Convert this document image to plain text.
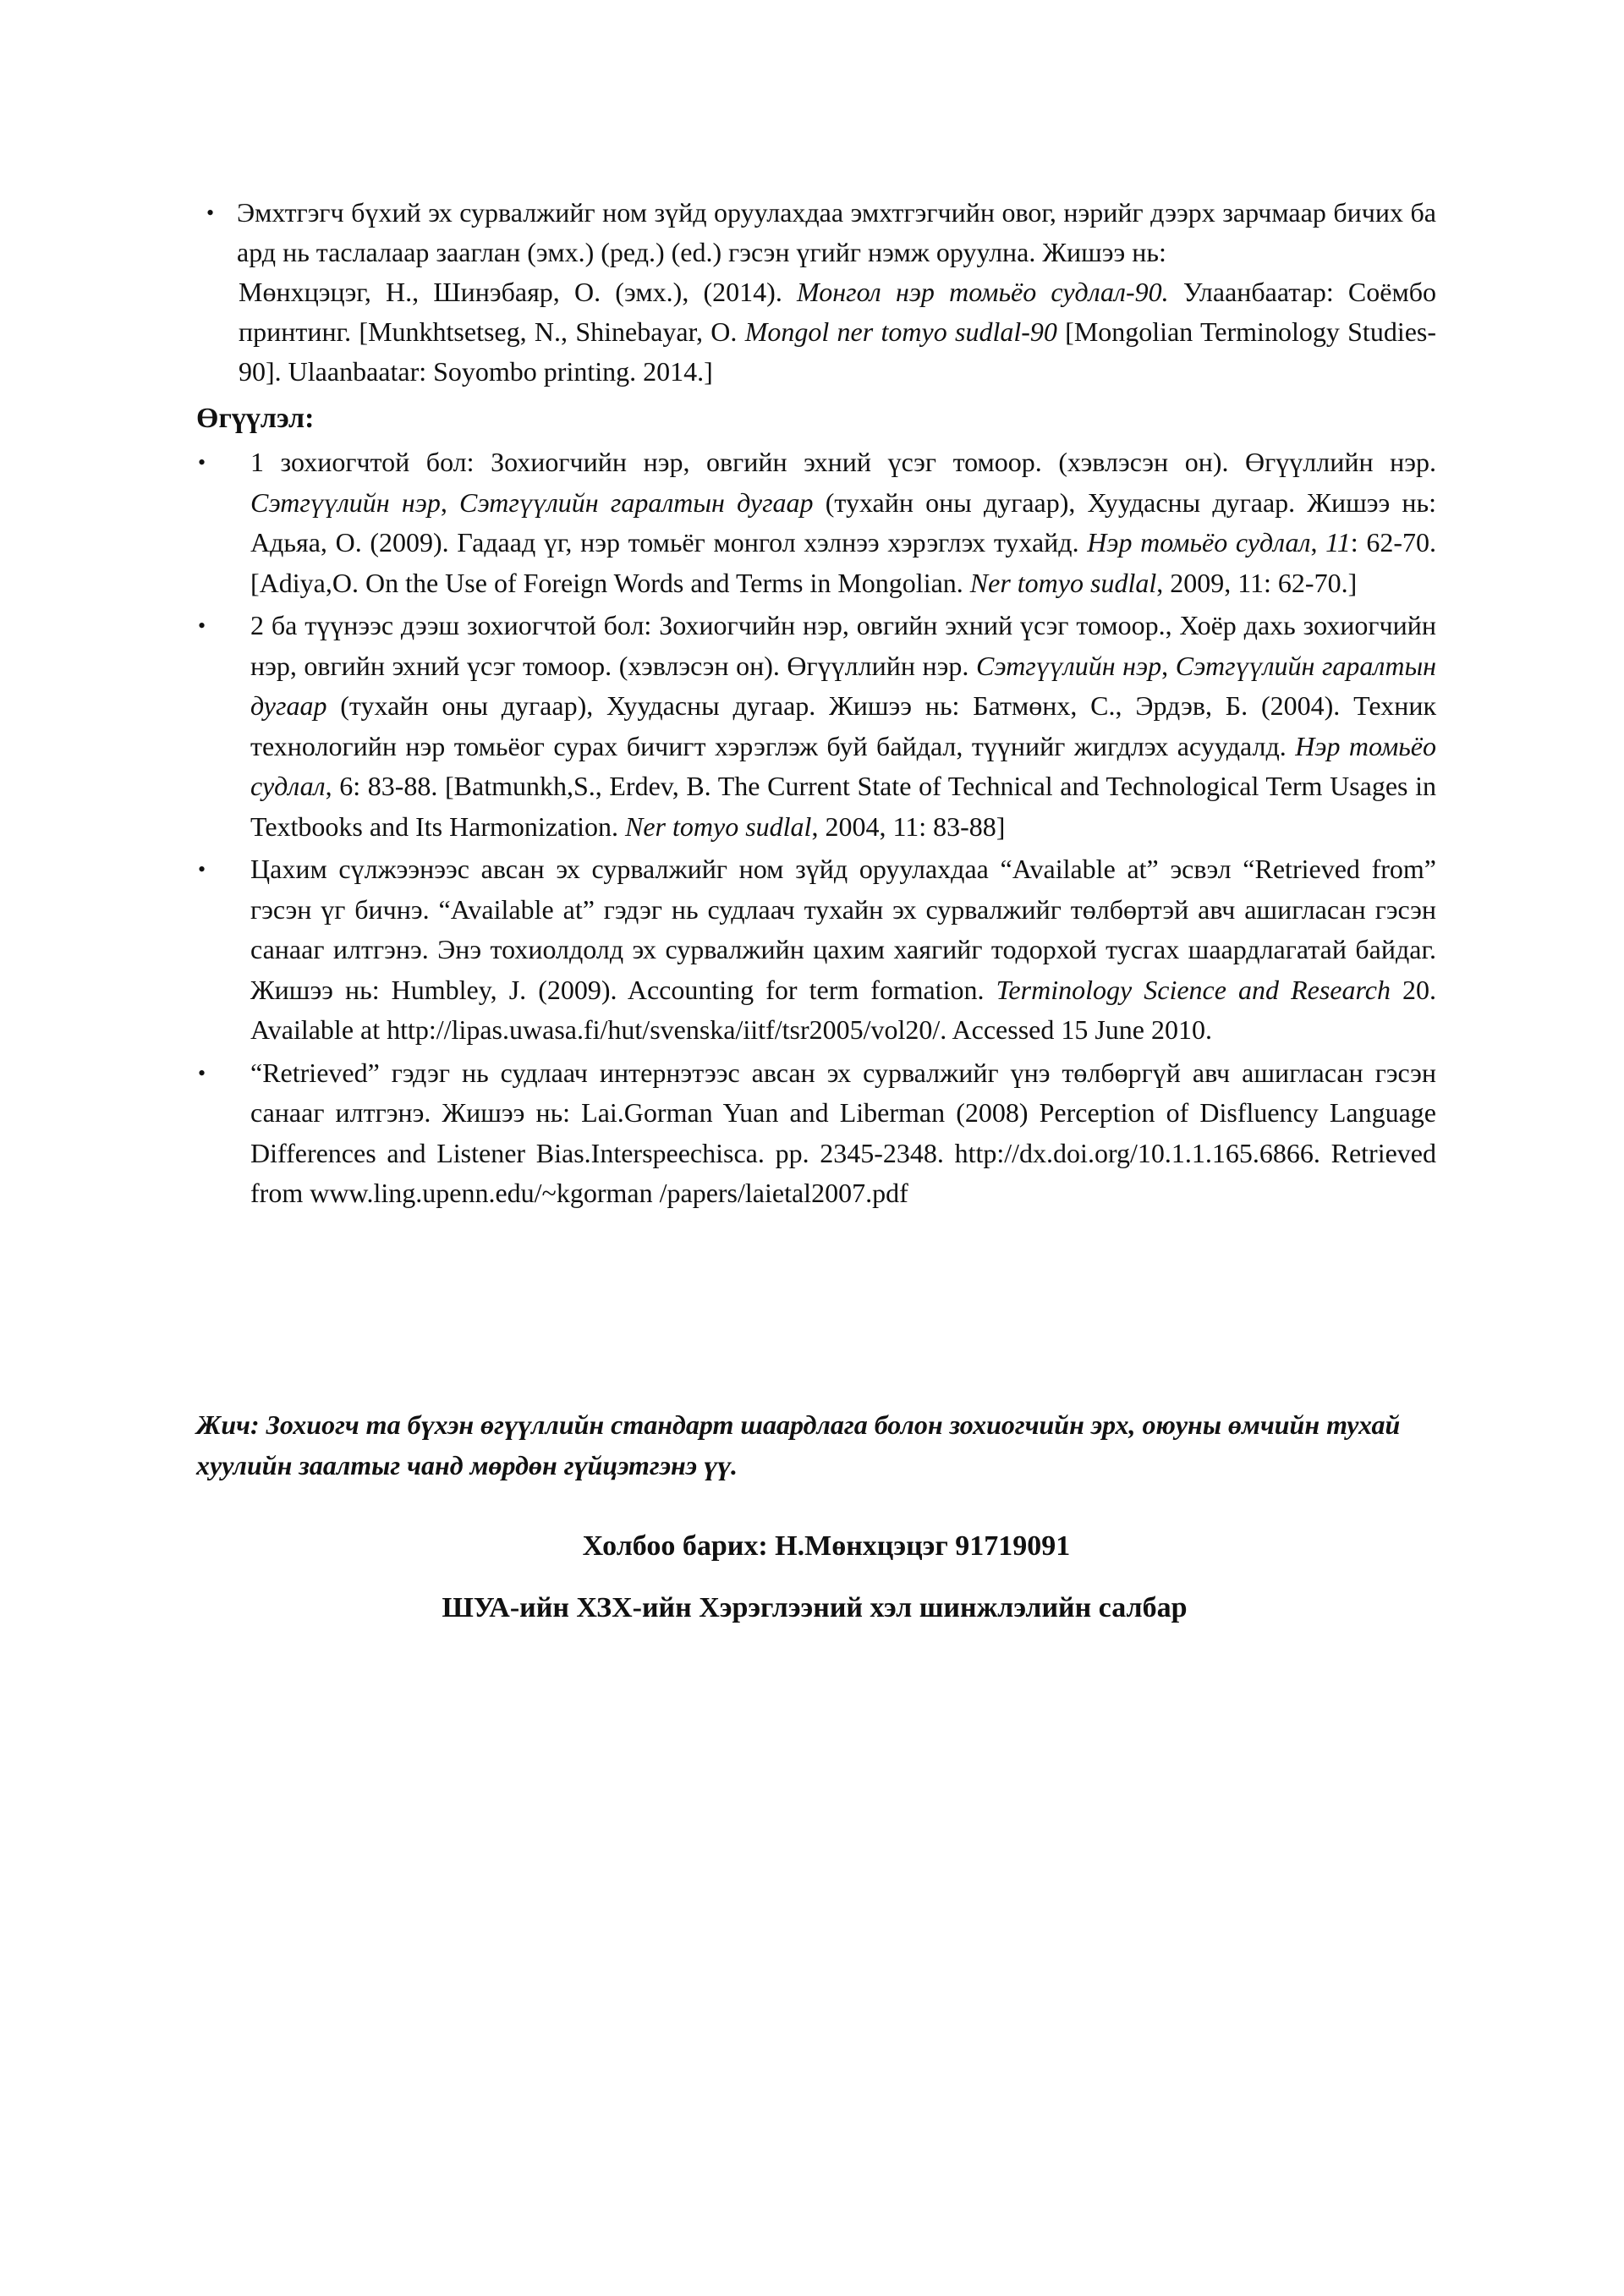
• Эмхтгэгч бүхий эх сурвалжийг ном зүйд оруулахдаа эмхтгэгчийн овог, нэрийг дээрх зарчмаар бичих ба ард нь таслалаар зааглан (эмх.) (ред.) (ed.) гэсэн үгийг нэмж оруулна. Жишээ нь:

Мөнхцэцэг, Н., Шинэбаяр, О. (эмх.), (2014). Монгол нэр томьёо судлал-90. Улаанбаатар: Соёмбо принтинг. [Munkhtsetseg, N., Shinebayar, O. Mongol ner tomyo sudlal-90 [Mongolian Terminology Studies-90]. Ulaanbaatar: Soyombo printing. 2014.]

Өгүүлэл:
• 1 зохиогчтой бол: Зохиогчийн нэр, овгийн эхний үсэг томоор. (хэвлэсэн он). Өгүүллийн нэр. Сэтгүүлийн нэр, Сэтгүүлийн гаралтын дугаар (тухайн оны дугаар), Хуудасны дугаар. Жишээ нь: Адьяа, О. (2009). Гадаад үг, нэр томьёг монгол хэлнээ хэрэглэх тухайд. Нэр томьёо судлал, 11: 62-70. [Adiya,O. On the Use of Foreign Words and Terms in Mongolian. Ner tomyo sudlal, 2009, 11: 62-70.]

• 2 ба түүнээс дээш зохиогчтой бол: Зохиогчийн нэр, овгийн эхний үсэг томоор., Хоёр дахь зохиогчийн нэр, овгийн эхний үсэг томоор. (хэвлэсэн он). Өгүүллийн нэр. Сэтгүүлийн нэр, Сэтгүүлийн гаралтын дугаар (тухайн оны дугаар), Хуудасны дугаар. Жишээ нь: Батмөнх, С., Эрдэв, Б. (2004). Техник технологийн нэр томьёог сурах бичигт хэрэглэж буй байдал, түүнийг жигдлэх асуудалд. Нэр томьёо судлал, 6: 83-88. [Batmunkh,S., Erdev, B. The Current State of Technical and Technological Term Usages in Textbooks and Its Harmonization. Ner tomyo sudlal, 2004, 11: 83-88]

• Цахим сүлжээнээс авсан эх сурвалжийг ном зүйд оруулахдаа “Available at” эсвэл “Retrieved from” гэсэн үг бичнэ. “Available at” гэдэг нь судлаач тухайн эх сурвалжийг төлбөртэй авч ашигласан гэсэн санааг илтгэнэ. Энэ тохиолдолд эх сурвалжийн цахим хаягийг тодорхой тусгах шаардлагатай байдаг. Жишээ нь: Humbley, J. (2009). Accounting for term formation. Terminology Science and Research 20. Available at http://lipas.uwasa.fi/hut/svenska/iitf/tsr2005/vol20/. Accessed 15 June 2010.

• “Retrieved” гэдэг нь судлаач интернэтээс авсан эх сурвалжийг үнэ төлбөргүй авч ашигласан гэсэн санааг илтгэнэ. Жишээ нь: Lai.Gorman Yuan and Liberman (2008) Perception of Disfluency Language Differences and Listener Bias.Interspeechisca. pp. 2345-2348. http://dx.doi.org/10.1.1.165.6866. Retrieved from www.ling.upenn.edu/~kgorman /papers/laietal2007.pdf

Жич: Зохиогч та бүхэн өгүүллийн стандарт шаардлага болон зохиогчийн эрх, оюуны өмчийн тухай хуулийн заалтыг чанд мөрдөн гүйцэтгэнэ үү.

Холбоо барих: Н.Мөнхцэцэг 91719091

ШУА-ийн ХЗХ-ийн Хэрэглээний хэл шинжлэлийн салбар
